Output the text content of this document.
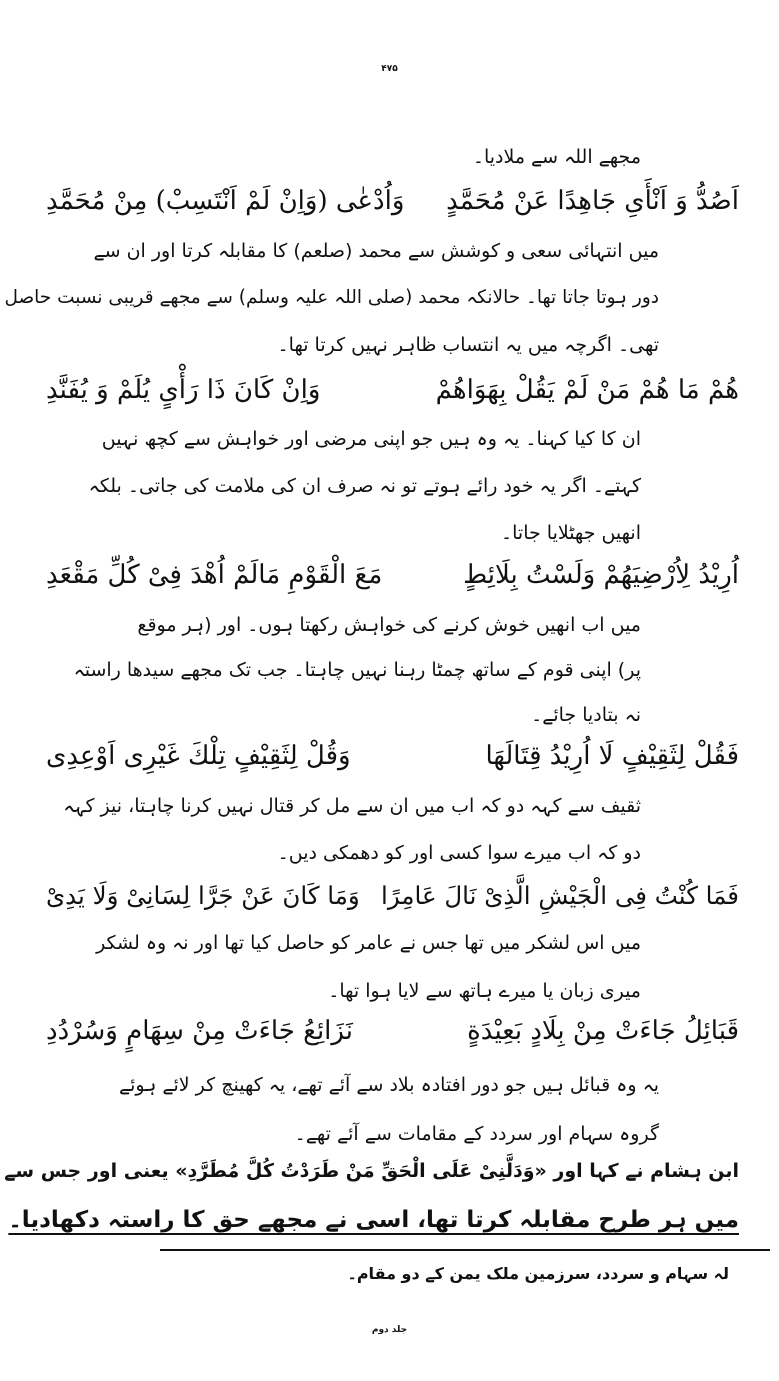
۴۷۵
مجھے اللہ سے ملادیا۔
اَصُدُّ وَ اَنْأَیِ جَاھِدًا عَنْ مُحَمَّدٍ
وَاُدْعٰی (وَاِنْ لَمْ اَنْتَسِبْ) مِنْ مُحَمَّدِ
میں انتہائی سعی و کوشش سے محمد (صلعم) کا مقابلہ کرتا اور ان سے
دور ہوتا جاتا تھا۔ حالانکہ محمد (صلی اللہ علیہ وسلم) سے مجھے قریبی نسبت حاصل
تھی۔ اگرچہ میں یہ انتساب ظاہر نہیں کرتا تھا۔
هُمْ مَا هُمْ مَنْ لَمْ یَقُلْ بِهَوَاهُمْ
وَاِنْ كَانَ ذَا رَأْیٍ یُلَمْ وَ یُفَنَّدِ
ان کا کیا کہنا۔ یہ وہ ہیں جو اپنی مرضی اور خواہش سے کچھ نہیں
کہتے۔ اگر یہ خود رائے ہوتے تو نہ صرف ان کی ملامت کی جاتی۔ بلکہ
انھیں جھٹلایا جاتا۔
اُرِیْدُ لِاُرْضِیَهُمْ وَلَسْتُ بِلَائِطٍ
مَعَ الْقَوْمِ مَالَمْ اُهْدَ فِیْ كُلِّ مَقْعَدِ
میں اب انھیں خوش کرنے کی خواہش رکھتا ہوں۔ اور (ہر موقع
پر) اپنی قوم کے ساتھ چمٹا رہنا نہیں چاہتا۔ جب تک مجھے سیدھا راستہ
نہ بتادیا جائے۔
فَقُلْ لِثَقِیْفٍ لَا اُرِیْدُ قِتَالَهَا
وَقُلْ لِثَقِیْفٍ تِلْكَ غَیْرِی اَوْعِدِی
ثقیف سے کہہ دو کہ اب میں ان سے مل کر قتال نہیں کرنا چاہتا، نیز کہہ
دو کہ اب میرے سوا کسی اور کو دھمکی دیں۔
فَمَا كُنْتُ فِی الْجَیْشِ الَّذِیْ نَالَ عَامِرًا
وَمَا كَانَ عَنْ جَرَّا لِسَانِیْ وَلَا یَدِیْ
میں اس لشکر میں تھا جس نے عامر کو حاصل کیا تھا اور نہ وہ لشکر
میری زبان یا میرے ہاتھ سے لایا ہوا تھا۔
قَبَائِلُ جَاءَتْ مِنْ بِلَادٍ بَعِیْدَةٍ
نَزَائِعُ جَاءَتْ مِنْ سِهَامٍ وَسُرْدُدِ
یہ وہ قبائل ہیں جو دور افتادہ بلاد سے آئے تھے، یہ کھینچ کر لائے ہوئے
گروہ سہام اور سردد کے مقامات سے آئے تھے۔
ابن ہشام نے کہا اور «وَدَلَّنِیْ عَلَی الْحَقِّ مَنْ طَرَدْتُ كُلَّ مُطَرَّدِ» یعنی اور جس سے
میں ہر طرح مقابلہ کرتا تھا، اسی نے مجھے حق کا راستہ دکھادیا۔
لہ سہام و سردد، سرزمین ملک یمن کے دو مقام۔
جلد دوم
